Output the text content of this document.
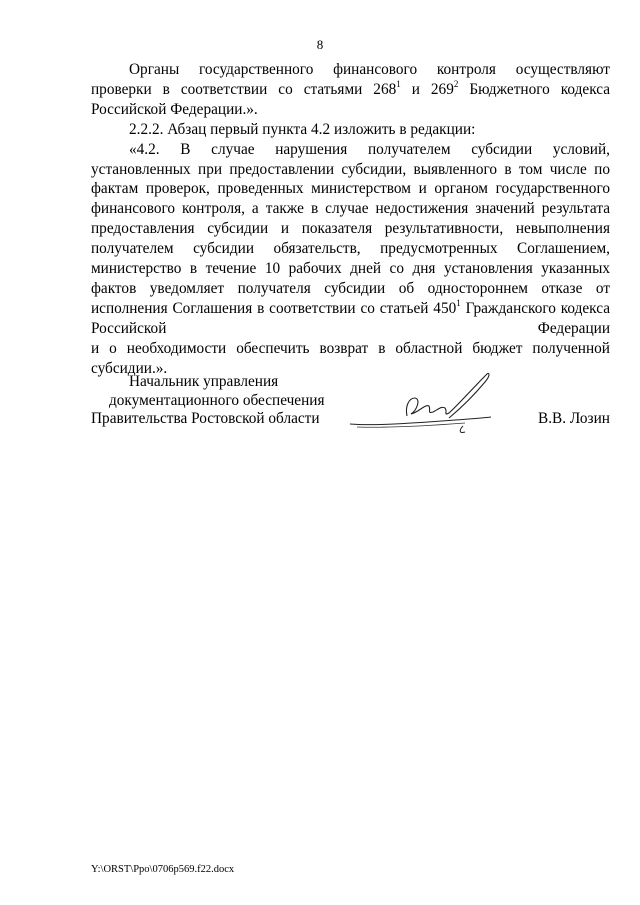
8

Органы государственного финансового контроля осуществляют проверки в соответствии со статьями $268^1$ и $269^2$ Бюджетного кодекса Российской Федерации.».

2.2.2. Абзац первый пункта 4.2 изложить в редакции:

«4.2. В случае нарушения получателем субсидии условий, установленных при предоставлении субсидии, выявленного в том числе по фактам проверок, проведенных министерством и органом государственного финансового контроля, а также в случае недостижения значений результата предоставления субсидии и показателя результативности, невыполнения получателем субсидии обязательств, предусмотренных Соглашением, министерство в течение 10 рабочих дней со дня установления указанных фактов уведомляет получателя субсидии об одностороннем отказе от исполнения Соглашения в соответствии со статьей $450^1$ Гражданского кодекса Российской Федерации

и о необходимости обеспечить возврат в областной бюджет полученной субсидии.».

Начальник управления
документационного обеспечения
Правительства Ростовской области	В.В. Лозин
Y:\ORST\Ppo\0706p569.f22.docx
